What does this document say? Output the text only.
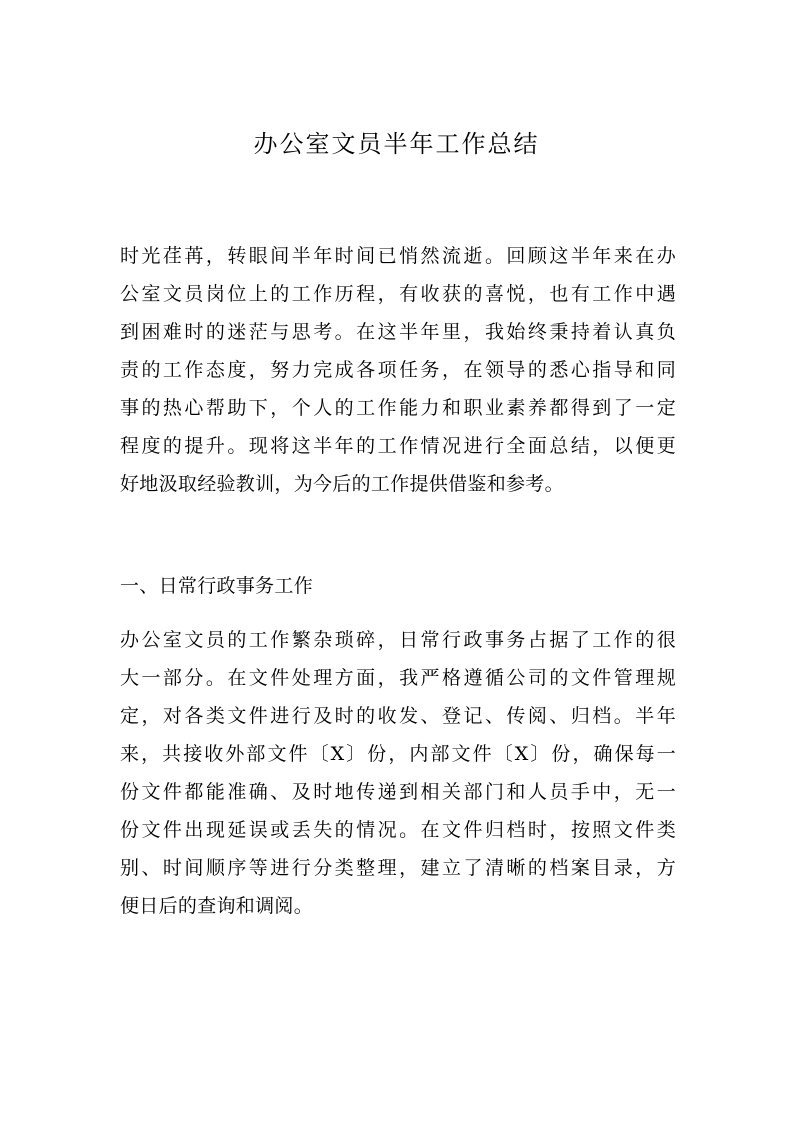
办公室文员半年工作总结
时光荏苒，转眼间半年时间已悄然流逝。回顾这半年来在办
公室文员岗位上的工作历程，有收获的喜悦，也有工作中遇
到困难时的迷茫与思考。在这半年里，我始终秉持着认真负
责的工作态度，努力完成各项任务，在领导的悉心指导和同
事的热心帮助下，个人的工作能力和职业素养都得到了一定
程度的提升。现将这半年的工作情况进行全面总结，以便更
好地汲取经验教训，为今后的工作提供借鉴和参考。
一、日常行政事务工作
办公室文员的工作繁杂琐碎，日常行政事务占据了工作的很
大一部分。在文件处理方面，我严格遵循公司的文件管理规
定，对各类文件进行及时的收发、登记、传阅、归档。半年
来，共接收外部文件〔X〕份，内部文件〔X〕份，确保每一
份文件都能准确、及时地传递到相关部门和人员手中，无一
份文件出现延误或丢失的情况。在文件归档时，按照文件类
别、时间顺序等进行分类整理，建立了清晰的档案目录，方
便日后的查询和调阅。
